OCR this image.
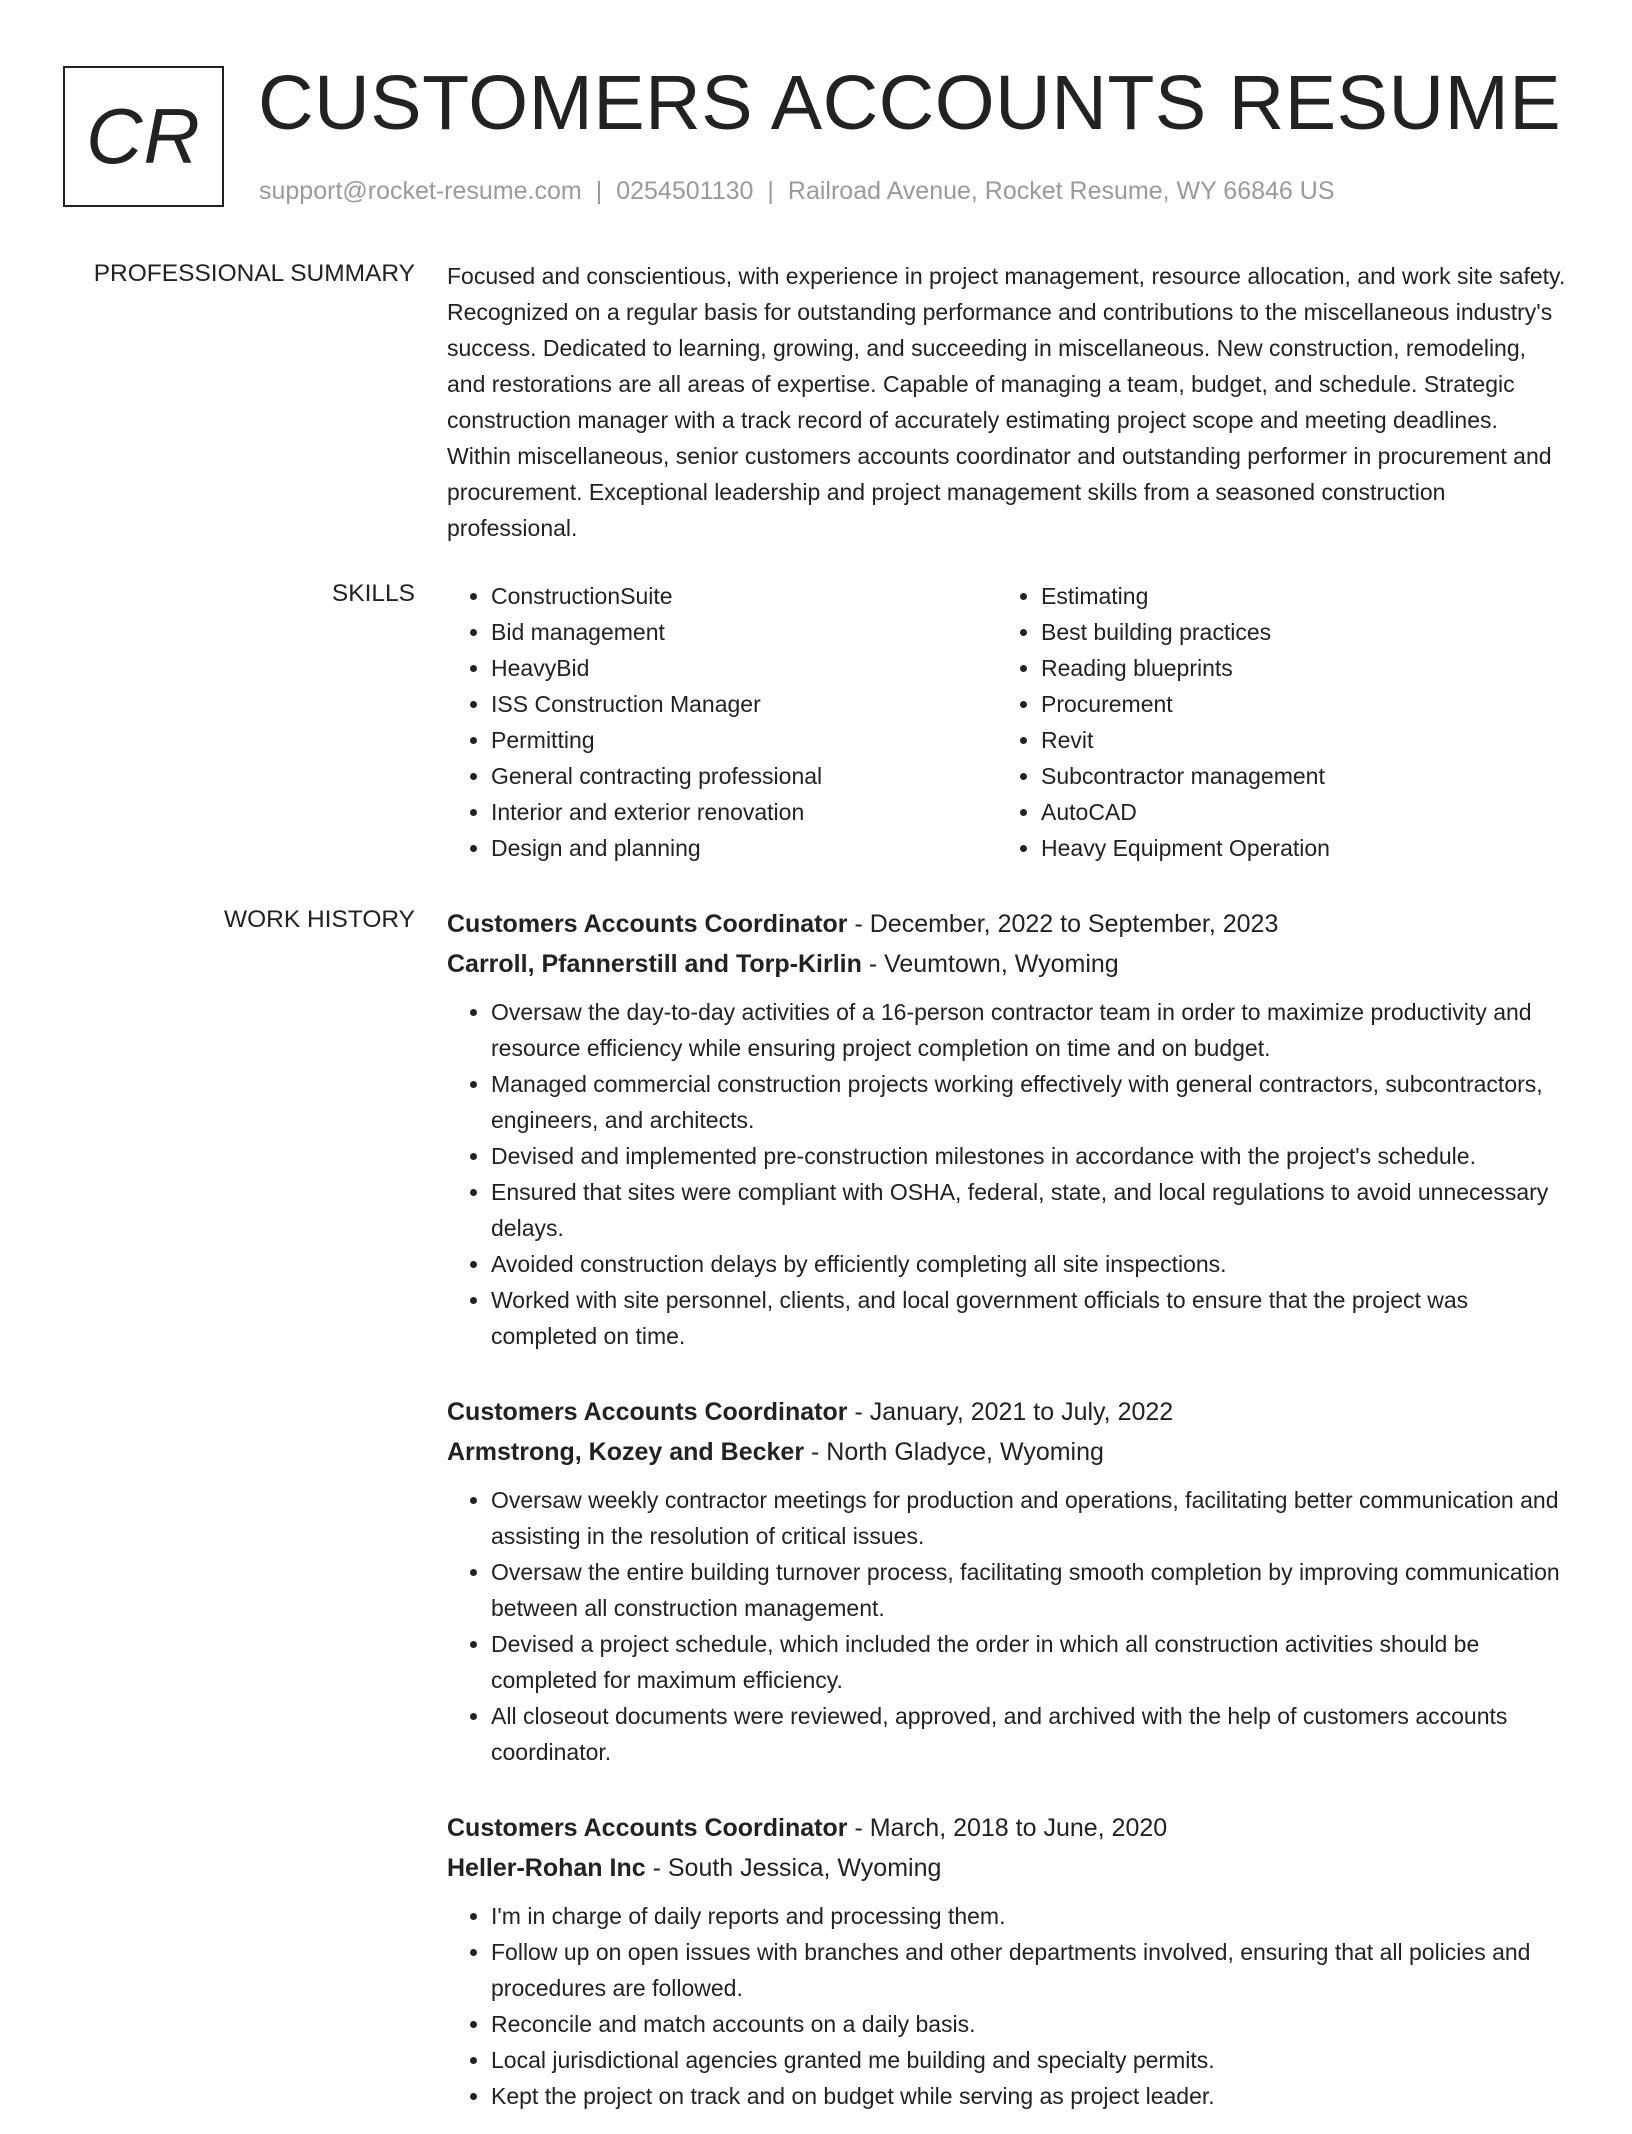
CR CUSTOMERS ACCOUNTS RESUME
support@rocket-resume.com | 0254501130 | Railroad Avenue, Rocket Resume, WY 66846 US
PROFESSIONAL SUMMARY Focused and conscientious, with experience in project management, resource allocation, and work site safety. Recognized on a regular basis for outstanding performance and contributions to the miscellaneous industry's success. Dedicated to learning, growing, and succeeding in miscellaneous. New construction, remodeling, and restorations are all areas of expertise. Capable of managing a team, budget, and schedule. Strategic construction manager with a track record of accurately estimating project scope and meeting deadlines. Within miscellaneous, senior customers accounts coordinator and outstanding performer in procurement and procurement. Exceptional leadership and project management skills from a seasoned construction professional.

SKILLS
•	ConstructionSuite
• Bid management
• HeavyBid
• ISS Construction Manager
• Permitting
• General contracting professional
• Interior and exterior renovation
• Design and planning
• Estimating
• Best building practices
• Reading blueprints
• Procurement
• Revit
• Subcontractor management
• AutoCAD
• Heavy Equipment Operation
WORK HISTORY Customers Accounts Coordinator - December, 2022 to September, 2023
Carroll, Pfannerstill and Torp-Kirlin - Veumtown, Wyoming
• Oversaw the day-to-day activities of a 16-person contractor team in order to maximize productivity and resource efficiency while ensuring project completion on time and on budget.
• Managed commercial construction projects working effectively with general contractors, subcontractors, engineers, and architects.
• Devised and implemented pre-construction milestones in accordance with the project's schedule.
• Ensured that sites were compliant with OSHA, federal, state, and local regulations to avoid unnecessary delays.
• Avoided construction delays by efficiently completing all site inspections.
• Worked with site personnel, clients, and local government officials to ensure that the project was completed on time.
Customers Accounts Coordinator - January, 2021 to July, 2022
Armstrong, Kozey and Becker - North Gladyce, Wyoming
• Oversaw weekly contractor meetings for production and operations, facilitating better communication and assisting in the resolution of critical issues.
• Oversaw the entire building turnover process, facilitating smooth completion by improving communication between all construction management.
• Devised a project schedule, which included the order in which all construction activities should be completed for maximum efficiency.
• All closeout documents were reviewed, approved, and archived with the help of customers accounts coordinator.
Customers Accounts Coordinator - March, 2018 to June, 2020
Heller-Rohan Inc - South Jessica, Wyoming
• I'm in charge of daily reports and processing them.
• Follow up on open issues with branches and other departments involved, ensuring that all policies and procedures are followed.
• Reconcile and match accounts on a daily basis.
• Local jurisdictional agencies granted me building and specialty permits.
• Kept the project on track and on budget while serving as project leader.
